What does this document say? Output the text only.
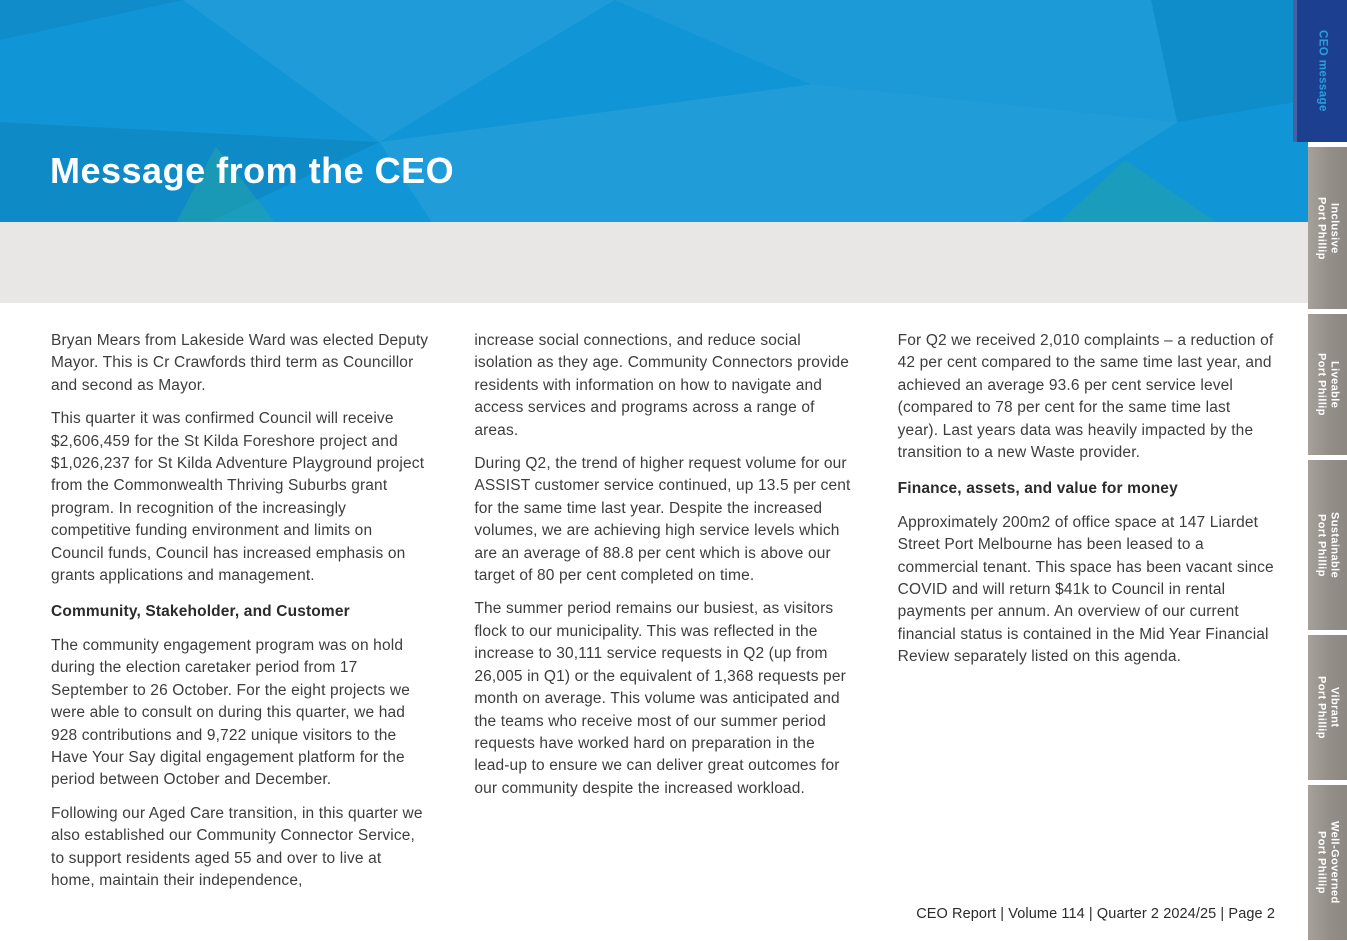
Message from the CEO

Bryan Mears from Lakeside Ward was elected Deputy Mayor. This is Cr Crawfords third term as Councillor and second as Mayor.

This quarter it was confirmed Council will receive $2,606,459 for the St Kilda Foreshore project and $1,026,237 for St Kilda Adventure Playground project from the Commonwealth Thriving Suburbs grant program. In recognition of the increasingly competitive funding environment and limits on Council funds, Council has increased emphasis on grants applications and management.

Community, Stakeholder, and Customer

The community engagement program was on hold during the election caretaker period from 17 September to 26 October. For the eight projects we were able to consult on during this quarter, we had 928 contributions and 9,722 unique visitors to the Have Your Say digital engagement platform for the period between October and December.

Following our Aged Care transition, in this quarter we also established our Community Connector Service, to support residents aged 55 and over to live at home, maintain their independence,

increase social connections, and reduce social isolation as they age. Community Connectors provide residents with information on how to navigate and access services and programs across a range of areas.

During Q2, the trend of higher request volume for our ASSIST customer service continued, up 13.5 per cent for the same time last year. Despite the increased volumes, we are achieving high service levels which are an average of 88.8 per cent which is above our target of 80 per cent completed on time.

The summer period remains our busiest, as visitors flock to our municipality. This was reflected in the increase to 30,111 service requests in Q2 (up from 26,005 in Q1) or the equivalent of 1,368 requests per month on average. This volume was anticipated and the teams who receive most of our summer period requests have worked hard on preparation in the lead-up to ensure we can deliver great outcomes for our community despite the increased workload.

For Q2 we received 2,010 complaints – a reduction of 42 per cent compared to the same time last year, and achieved an average 93.6 per cent service level (compared to 78 per cent for the same time last year). Last years data was heavily impacted by the transition to a new Waste provider.

Finance, assets, and value for money

Approximately 200m2 of office space at 147 Liardet Street Port Melbourne has been leased to a commercial tenant. This space has been vacant since COVID and will return $41k to Council in rental payments per annum. An overview of our current financial status is contained in the Mid Year Financial Review separately listed on this agenda.

CEO Report | Volume 114 | Quarter 2 2024/25 | Page 2
CEO message
Inclusive
Port Phillip
Liveable
Port Phillip
Sustainable
Port Phillip
Vibrant
Port Phillip
Well-Governed
Port Phillip
